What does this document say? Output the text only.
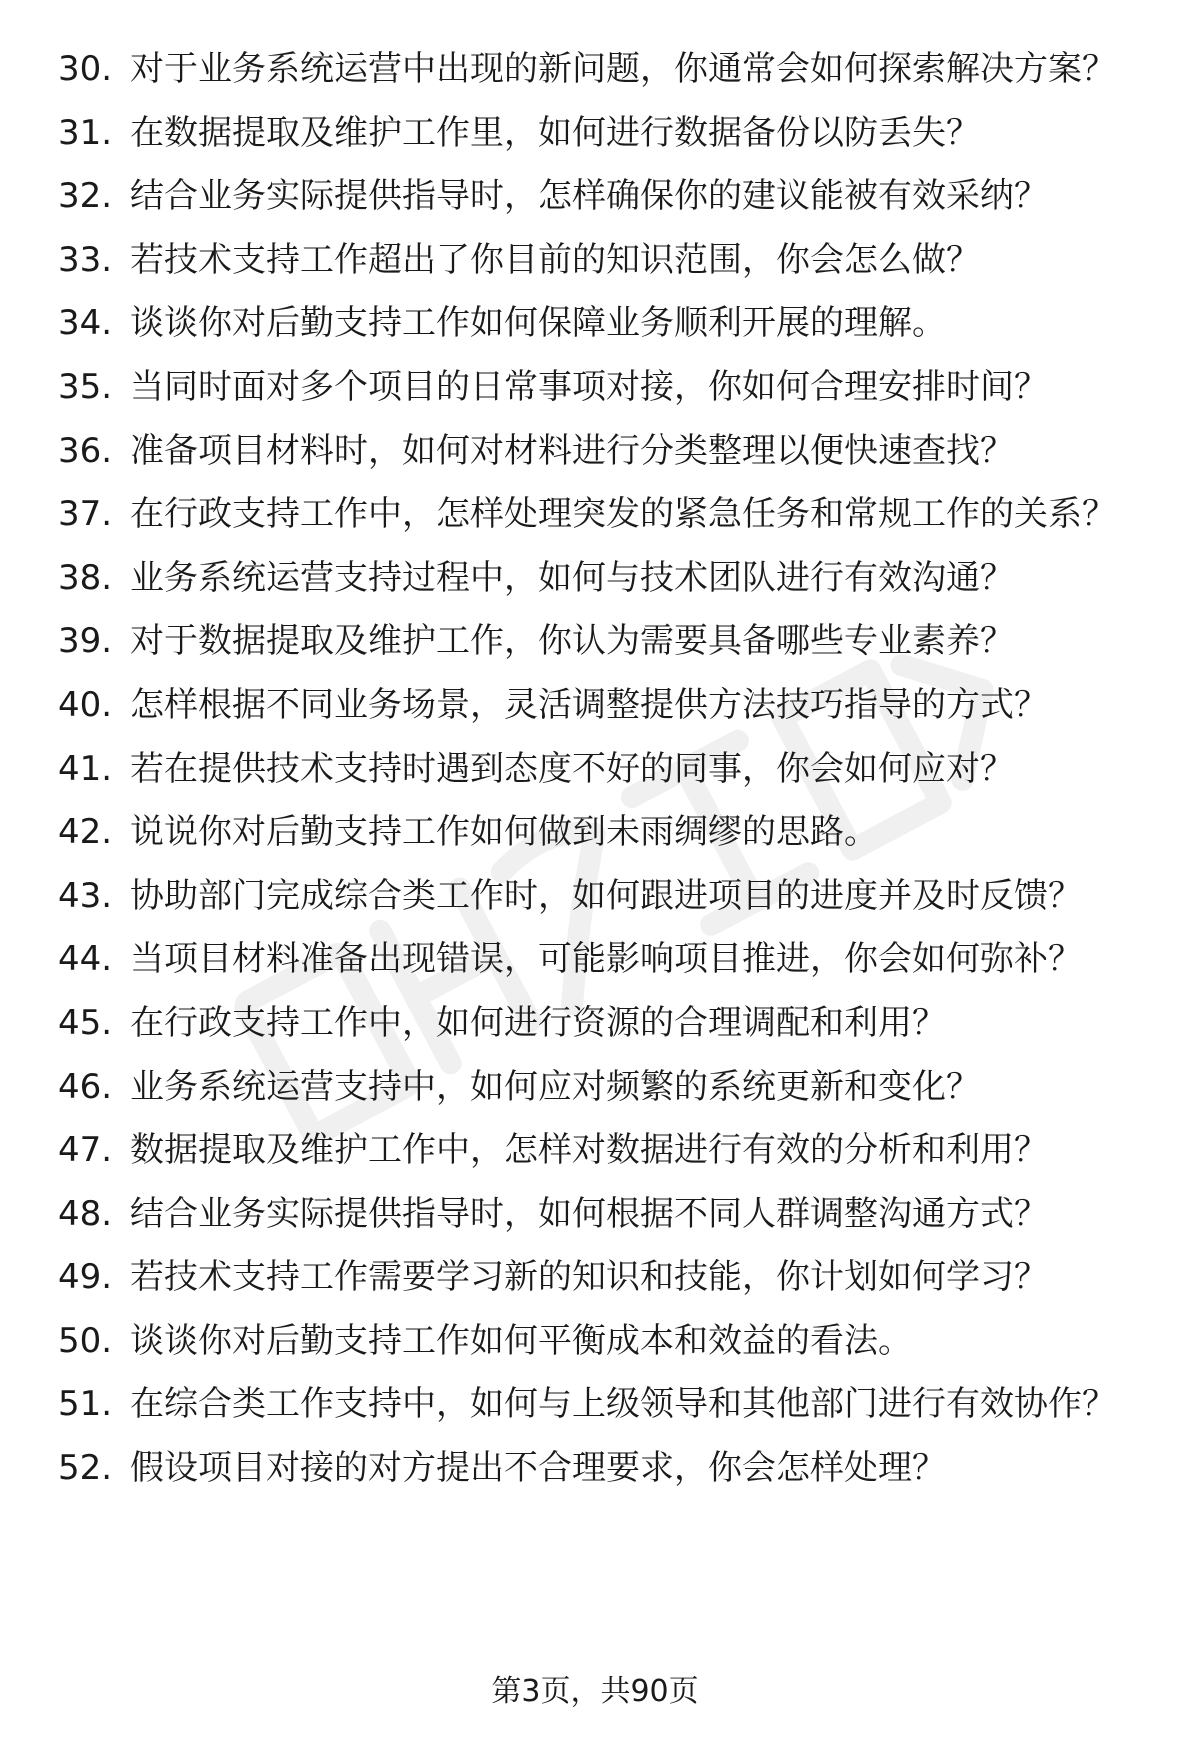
30. 对于业务系统运营中出现的新问题，你通常会如何探索解决方案？
31. 在数据提取及维护工作里，如何进行数据备份以防丢失？
32. 结合业务实际提供指导时，怎样确保你的建议能被有效采纳？
33. 若技术支持工作超出了你目前的知识范围，你会怎么做？
34. 谈谈你对后勤支持工作如何保障业务顺利开展的理解。
35. 当同时面对多个项目的日常事项对接，你如何合理安排时间？
36. 准备项目材料时，如何对材料进行分类整理以便快速查找？
37. 在行政支持工作中，怎样处理突发的紧急任务和常规工作的关系？
38. 业务系统运营支持过程中，如何与技术团队进行有效沟通？
39. 对于数据提取及维护工作，你认为需要具备哪些专业素养？
40. 怎样根据不同业务场景，灵活调整提供方法技巧指导的方式？
41. 若在提供技术支持时遇到态度不好的同事，你会如何应对？
42. 说说你对后勤支持工作如何做到未雨绸缪的思路。
43. 协助部门完成综合类工作时，如何跟进项目的进度并及时反馈？
44. 当项目材料准备出现错误，可能影响项目推进，你会如何弥补？
45. 在行政支持工作中，如何进行资源的合理调配和利用？
46. 业务系统运营支持中，如何应对频繁的系统更新和变化？
47. 数据提取及维护工作中，怎样对数据进行有效的分析和利用？
48. 结合业务实际提供指导时，如何根据不同人群调整沟通方式？
49. 若技术支持工作需要学习新的知识和技能，你计划如何学习？
50. 谈谈你对后勤支持工作如何平衡成本和效益的看法。
51. 在综合类工作支持中，如何与上级领导和其他部门进行有效协作？
52. 假设项目对接的对方提出不合理要求，你会怎样处理？
第3页，共90页
